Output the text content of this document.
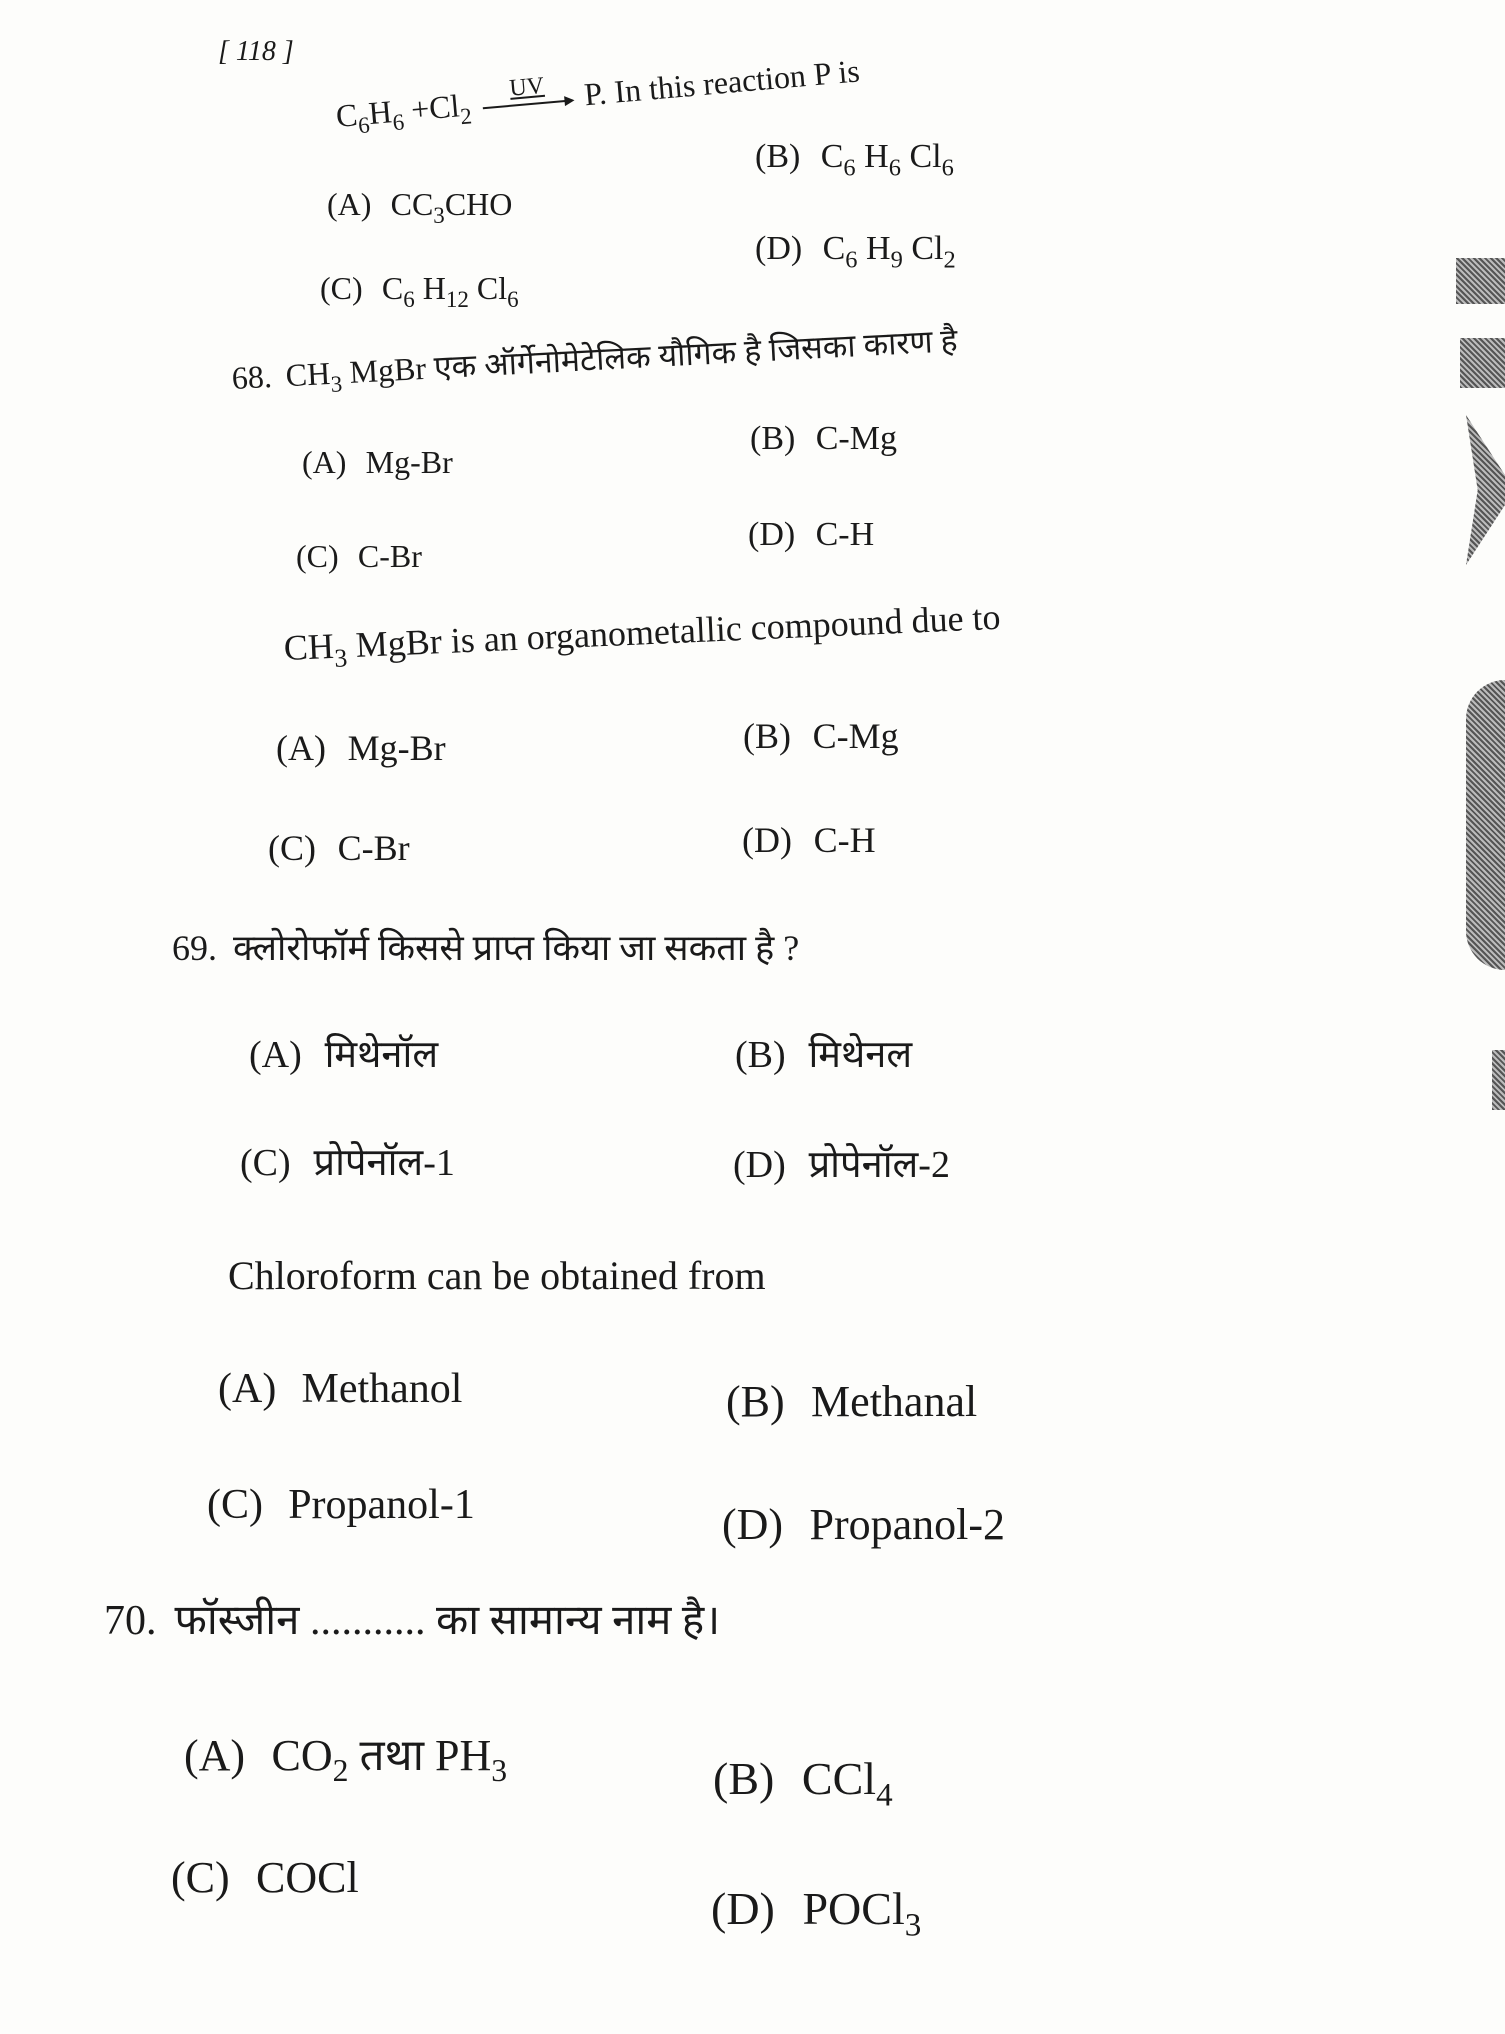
[ 118 ]
$C_6H_6 +Cl_2$
UV P. In this reaction P is
(A) $CC_3CHO$
(B) $C_6$ $H_6$ $Cl_6$
(C) $C_6$ $H_{12}$ $Cl_6$
(D) $C_6$ $H_9$ $Cl_2$
68. $CH_3$ MgBr एक ऑर्गेनोमेटेलिक यौगिक है जिसका कारण है
(A) Mg-Br
(B) C-Mg
(C) C-Br
(D) C-H
$CH_3$ MgBr is an organometallic compound due to
(A) Mg-Br	(B) C-Mg
(C) C-Br	(D) C-H
69. क्लोरोफॉर्म किससे प्राप्त किया जा सकता है ?
(A) मिथेनॉल	(B) मिथेनल
(C) प्रोपेनॉल-1	(D) प्रोपेनॉल-2
Chloroform can be obtained from
(A) Methanol	(B) Methanal
(C) Propanol-1	(D) Propanol-2
70. फॉस्जीन ........... का सामान्य नाम है।
(A) $CO_2$ तथा $PH_3$	(B) CCl$_4$
(C) COCl
(D) POCl$_3$
